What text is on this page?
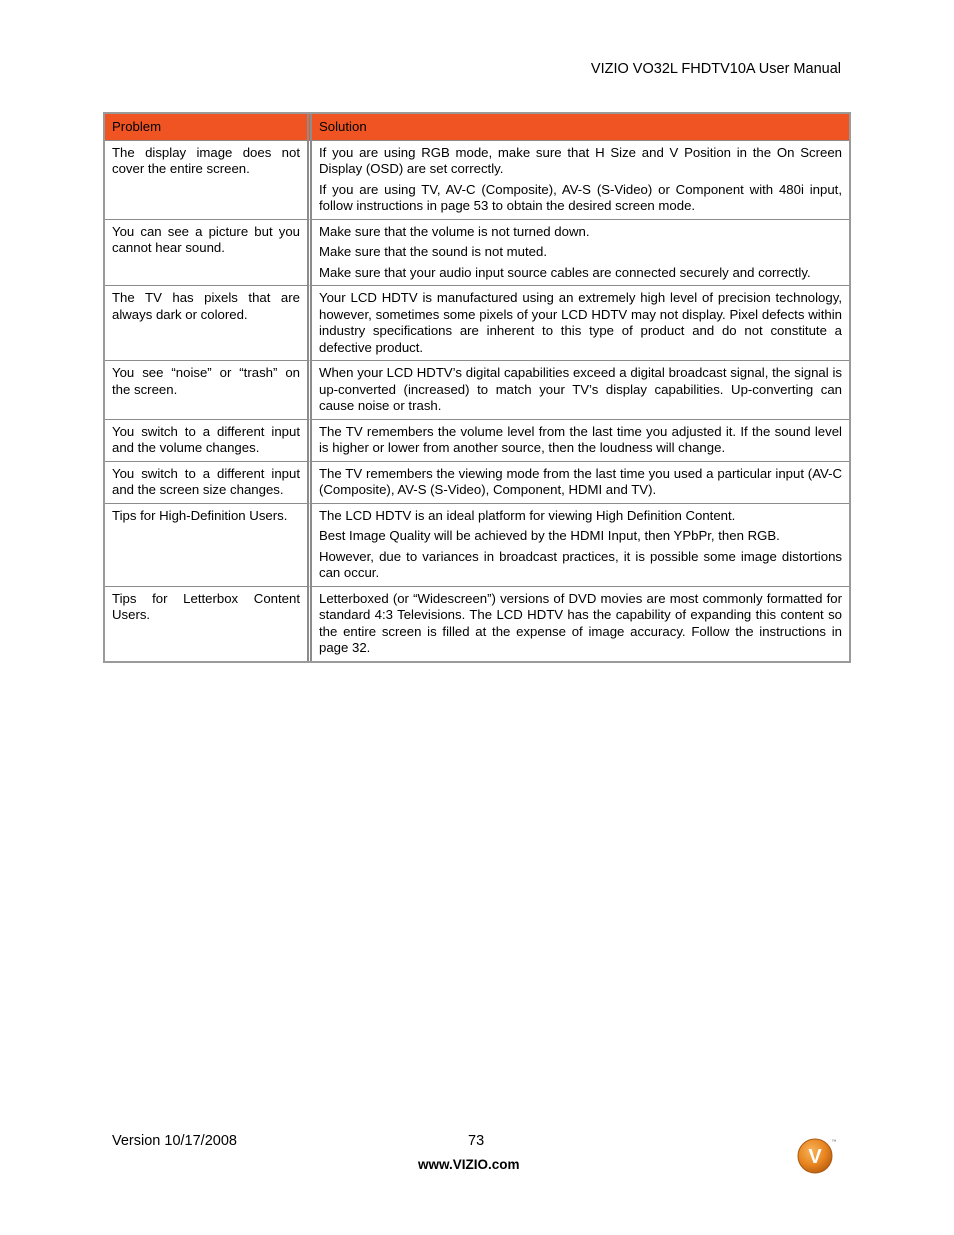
VIZIO VO32L FHDTV10A User Manual
Problem	Solution
The display image does not cover the entire screen.	If you are using RGB mode, make sure that H Size and V Position in the On Screen Display (OSD) are set correctly.

If you are using TV, AV-C (Composite), AV-S (S-Video) or Component with 480i input, follow instructions in page 53 to obtain the desired screen mode.

You can see a picture but you cannot hear sound.	Make sure that the volume is not turned down.

Make sure that the sound is not muted.

Make sure that your audio input source cables are connected securely and correctly.

The TV has pixels that are always dark or colored.	Your LCD HDTV is manufactured using an extremely high level of precision technology, however, sometimes some pixels of your LCD HDTV may not display. Pixel defects within industry specifications are inherent to this type of product and do not constitute a defective product.

You see “noise” or “trash” on the screen.	When your LCD HDTV’s digital capabilities exceed a digital broadcast signal, the signal is up-converted (increased) to match your TV’s display capabilities. Up-converting can cause noise or trash.

You switch to a different input and the volume changes.	The TV remembers the volume level from the last time you adjusted it. If the sound level is higher or lower from another source, then the loudness will change.

You switch to a different input and the screen size changes.	The TV remembers the viewing mode from the last time you used a particular input (AV-C (Composite), AV-S (S-Video), Component, HDMI and TV).

Tips for High-Definition Users.	The LCD HDTV is an ideal platform for viewing High Definition Content.

Best Image Quality will be achieved by the HDMI Input, then YPbPr, then RGB.

However, due to variances in broadcast practices, it is possible some image distortions can occur.

Tips for Letterbox Content Users.	Letterboxed (or “Widescreen”) versions of DVD movies are most commonly formatted for standard 4:3 Televisions. The LCD HDTV has the capability of expanding this content so the entire screen is filled at the expense of image accuracy. Follow the instructions in page 32.

Version 10/17/2008	73
www.VIZIO.com	V
™
